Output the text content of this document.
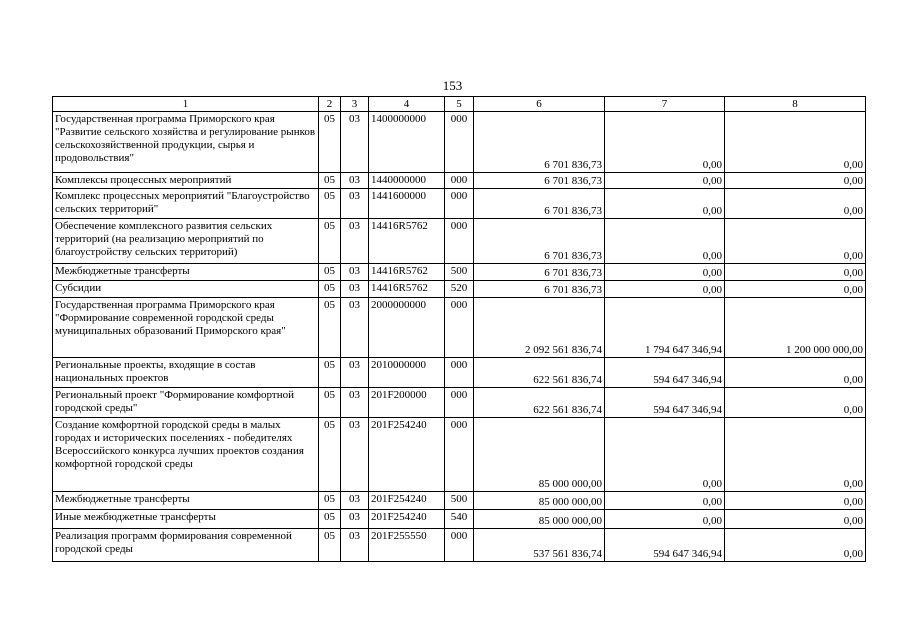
153
1	2	3	4	5	6	7	8
Государственная программа Приморского края "Развитие сельского хозяйства и регулирование рынков сельскохозяйственной продукции, сырья и продовольствия"	05	03	1400000000	000	6 701 836,73	0,00	0,00
Комплексы процессных мероприятий	05	03	1440000000	000	6 701 836,73	0,00	0,00
Комплекс процессных мероприятий "Благоустройство сельских территорий"	05	03	1441600000	000	6 701 836,73	0,00	0,00
Обеспечение комплексного развития сельских территорий (на реализацию мероприятий по благоустройству сельских территорий)	05	03	14416R5762	000	6 701 836,73	0,00	0,00
Межбюджетные трансферты	05	03	14416R5762	500	6 701 836,73	0,00	0,00
Субсидии	05	03	14416R5762	520	6 701 836,73	0,00	0,00
Государственная программа Приморского края "Формирование современной городской среды муниципальных образований Приморского края"	05	03	2000000000	000	2 092 561 836,74	1 794 647 346,94	1 200 000 000,00
Региональные проекты, входящие в состав национальных проектов	05	03	2010000000	000	622 561 836,74	594 647 346,94	0,00
Региональный проект "Формирование комфортной городской среды"	05	03	201F200000	000	622 561 836,74	594 647 346,94	0,00
Создание комфортной городской среды в малых городах и исторических поселениях - победителях Всероссийского конкурса лучших проектов создания комфортной городской среды	05	03	201F254240	000	85 000 000,00	0,00	0,00
Межбюджетные трансферты	05	03	201F254240	500	85 000 000,00	0,00	0,00
Иные межбюджетные трансферты	05	03	201F254240	540	85 000 000,00	0,00	0,00
Реализация программ формирования современной городской среды	05	03	201F255550	000	537 561 836,74	594 647 346,94	0,00
